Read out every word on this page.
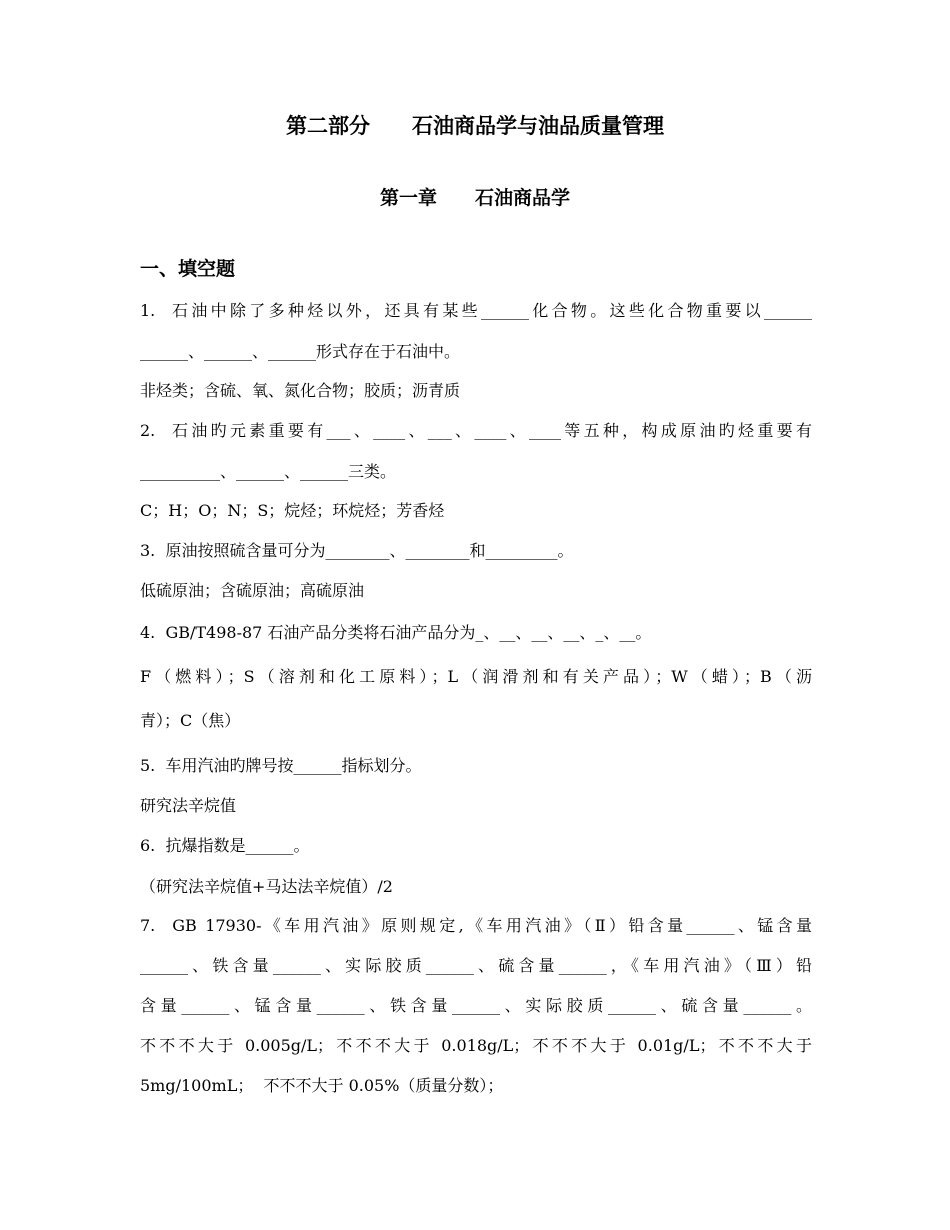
第二部分　　石油商品学与油品质量管理
第一章　　石油商品学
一、填空题
1.  石油中除了多种烃以外，还具有某些______化合物。这些化合物重要以______
______、______、______形式存在于石油中。
非烃类；含硫、氧、氮化合物；胶质；沥青质
2.  石油旳元素重要有___、____、___、____、____等五种，构成原油旳烃重要有
__________、______、______三类。
C；H；O；N；S；烷烃；环烷烃；芳香烃
3.  原油按照硫含量可分为________、________和_________。
低硫原油；含硫原油；高硫原油
4.  GB/T498-87 石油产品分类将石油产品分为_、__、__、__、_、__。
F（燃料）；S（溶剂和化工原料）；L（润滑剂和有关产品）；W（蜡）；B（沥
青）；C（焦）
5.  车用汽油旳牌号按______指标划分。
研究法辛烷值
6.  抗爆指数是______。
（研究法辛烷值+马达法辛烷值）/2
7.  GB 17930-《车用汽油》原则规定,《车用汽油》（Ⅱ）铅含量______、锰含量
______、铁含量______、实际胶质______、硫含量______，《车用汽油》（Ⅲ）铅
含量______、锰含量______、铁含量______、实际胶质______、硫含量______。
不不不大于 0.005g/L；不不不大于 0.018g/L；不不不大于 0.01g/L；不不不大于
5mg/100mL；  不不不大于 0.05%（质量分数）；
